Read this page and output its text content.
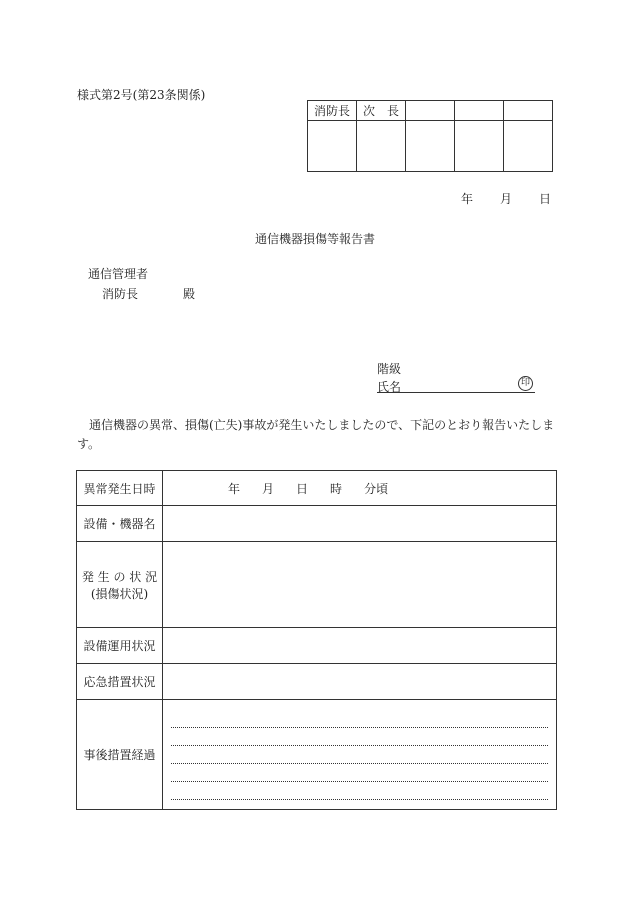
様式第2号(第23条関係)
消防長	次　長			

年 月 日
通信機器損傷等報告書
通信管理者
消防長	殿
階級
氏名	印
通信機器の異常、損傷(亡失)事故が発生いたしましたので、下記のとおり報告いたします。
異常発生日時	年 月 日 時 分頃

設備・機器名	

発 生 の 状 況
(損傷状況)	

設備運用状況	
応急措置状況	
事後措置経過	
